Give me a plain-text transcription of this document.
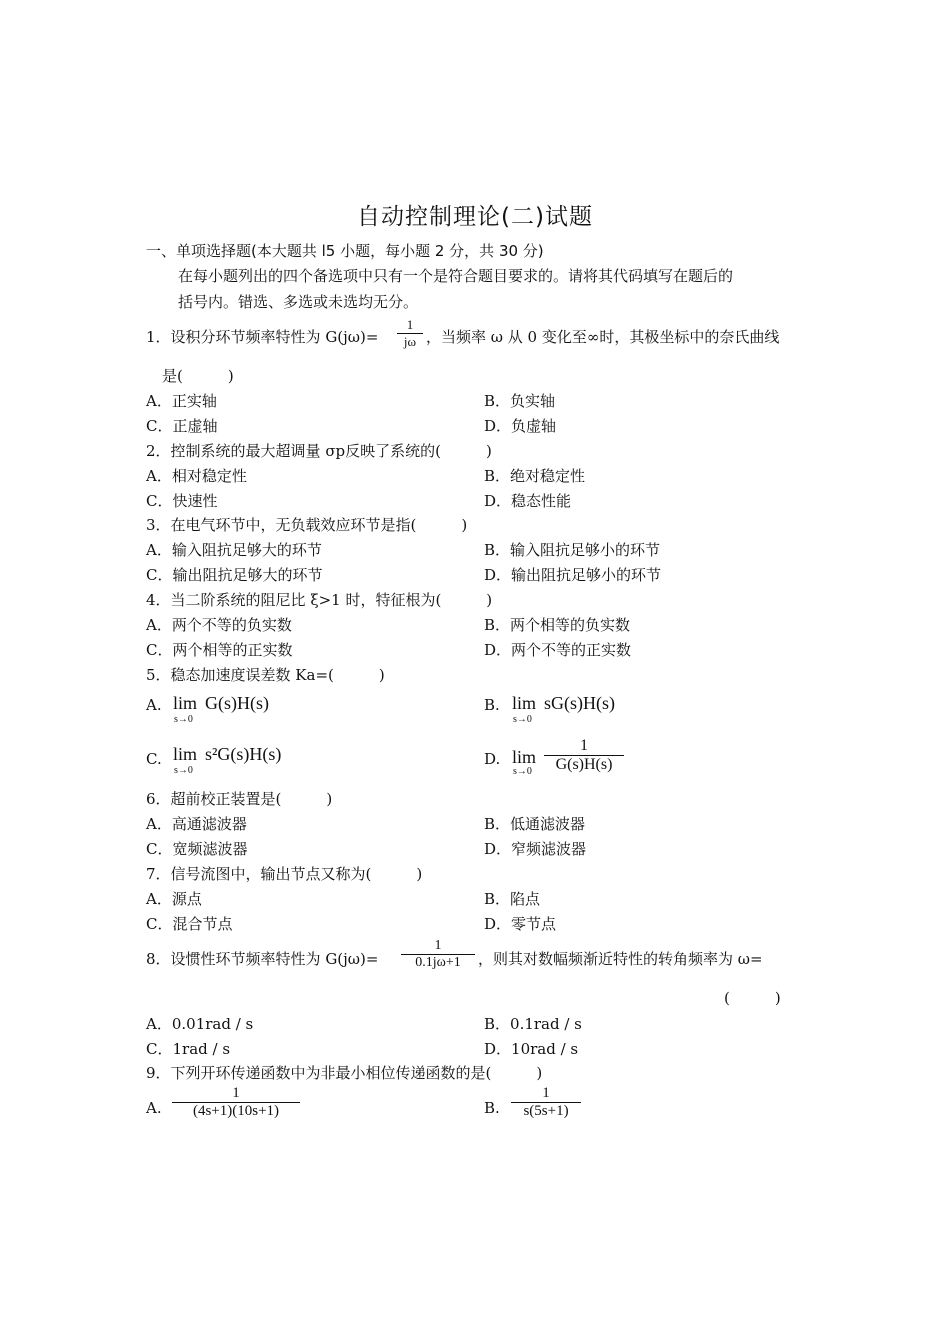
自动控制理论(二)试题
一、单项选择题(本大题共 l5 小题，每小题 2 分，共 30 分)
在每小题列出的四个备选项中只有一个是符合题目要求的。请将其代码填写在题后的
括号内。错选、多选或未选均无分。
1．设积分环节频率特性为 G(jω)=
1
jω ，当频率 ω 从 0 变化至∞时，其极坐标中的奈氏曲线
是(　　　)
A．正实轴	B．负实轴
C．正虚轴	D．负虚轴
2．控制系统的最大超调量 σp反映了系统的(　　　)
A．相对稳定性	B．绝对稳定性
C．快速性	D．稳态性能
3．在电气环节中，无负载效应环节是指(　　　)
A．输入阻抗足够大的环节	B．输入阻抗足够小的环节
C．输出阻抗足够大的环节	D．输出阻抗足够小的环节
4．当二阶系统的阻尼比 ξ>1 时，特征根为(　　　)
A．两个不等的负实数	B．两个相等的负实数
C．两个相等的正实数	D．两个不等的正实数
5．稳态加速度误差数 Ka=(　　　)
A. lim
s→0
G(s)H(s)	B. lim
s→0
sG(s)H(s)
C. lim
s→0
s²G(s)H(s)	D. lim
s→0
1
G(s)H(s)
6．超前校正装置是(　　　)
A．高通滤波器	B．低通滤波器
C．宽频滤波器	D．窄频滤波器
7．信号流图中，输出节点又称为(　　　)
A．源点	B．陷点
C．混合节点	D．零节点
8．设惯性环节频率特性为 G(jω)=
1
0.1jω+1	，则其对数幅频渐近特性的转角频率为 ω=
(　　　)
A．0.01rad / s	B．0.1rad / s
C．1rad / s	D．10rad / s
9．下列开环传递函数中为非最小相位传递函数的是(　　　)
A.
1
(4s+1)(10s+1)	B.
1
s(5s+1)
